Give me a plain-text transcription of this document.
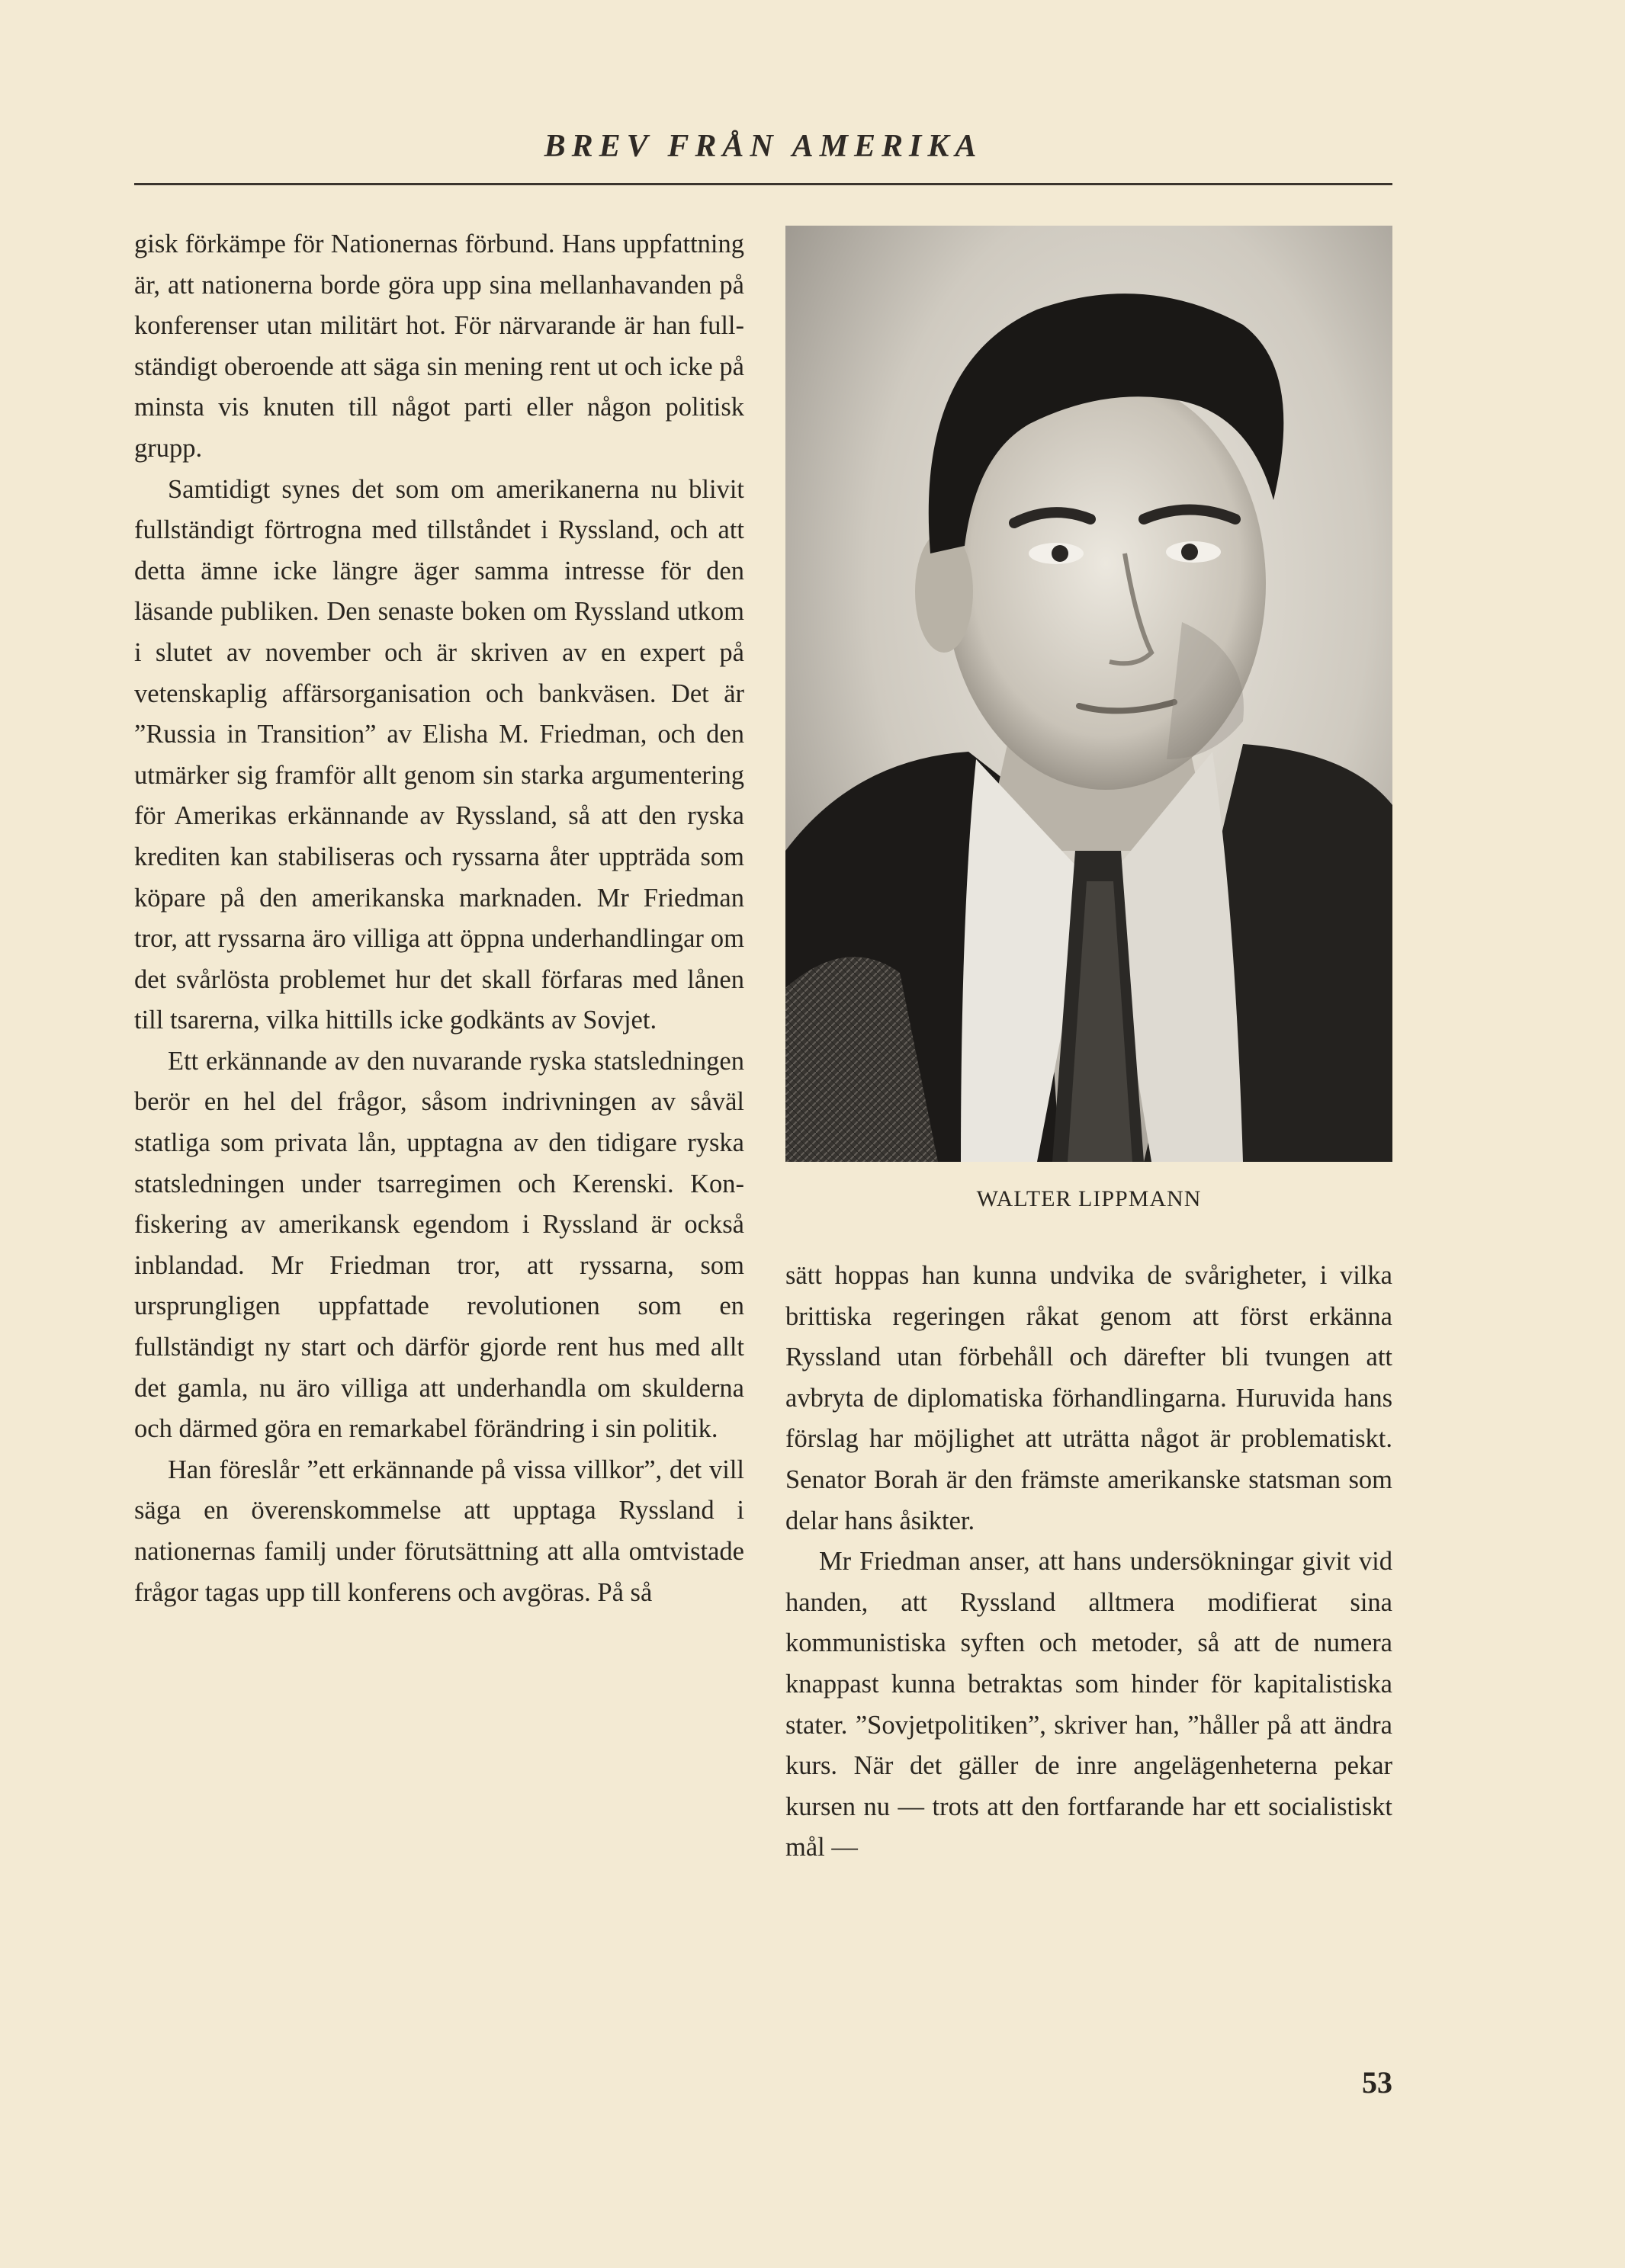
BREV FRÅN AMERIKA

gisk förkämpe för Nationernas förbund. Hans uppfattning är, att nationerna borde göra upp sina mellanhavanden på konferenser utan militärt hot. För närvarande är han fullständigt oberoende att säga sin mening rent ut och icke på minsta vis knuten till något parti eller någon politisk grupp.

Samtidigt synes det som om amerikanerna nu blivit fullständigt förtrogna med tillståndet i Ryssland, och att detta ämne icke längre äger samma intresse för den läsande publiken. Den senaste boken om Ryssland utkom i slutet av november och är skriven av en expert på vetenskaplig affärsorganisation och bankväsen. Det är ”Russia in Transition” av Elisha M. Friedman, och den utmärker sig framför allt genom sin starka argumentering för Amerikas erkännande av Ryssland, så att den ryska krediten kan stabiliseras och ryssarna åter uppträda som köpare på den amerikanska marknaden. Mr Friedman tror, att ryssarna äro villiga att öppna underhandlingar om det svårlösta problemet hur det skall förfaras med lånen till tsarerna, vilka hittills icke godkänts av Sovjet.

Ett erkännande av den nuvarande ryska statsledningen berör en hel del frågor, såsom indrivningen av såväl statliga som privata lån, upptagna av den tidigare ryska statsledningen under tsarregimen och Kerenski. Konfiskering av amerikansk egendom i Ryssland är också inblandad. Mr Friedman tror, att ryssarna, som ursprungligen uppfattade revolutionen som en fullständigt ny start och därför gjorde rent hus med allt det gamla, nu äro villiga att underhandla om skulderna och därmed göra en remarkabel förändring i sin politik.

Han föreslår ”ett erkännande på vissa villkor”, det vill säga en överenskommelse att upptaga Ryssland i nationernas familj under förutsättning att alla omtvistade frågor tagas upp till konferens och avgöras. På så

WALTER LIPPMANN

sätt hoppas han kunna undvika de svårigheter, i vilka brittiska regeringen råkat genom att först erkänna Ryssland utan förbehåll och därefter bli tvungen att avbryta de diplomatiska förhandlingarna. Huruvida hans förslag har möjlighet att uträtta något är problematiskt. Senator Borah är den främste amerikanske statsman som delar hans åsikter.

Mr Friedman anser, att hans undersökningar givit vid handen, att Ryssland alltmera modifierat sina kommunistiska syften och metoder, så att de numera knappast kunna betraktas som hinder för kapitalistiska stater. ”Sovjetpolitiken”, skriver han, ”håller på att ändra kurs. När det gäller de inre angelägenheterna pekar kursen nu — trots att den fortfarande har ett socialistiskt mål —

53
